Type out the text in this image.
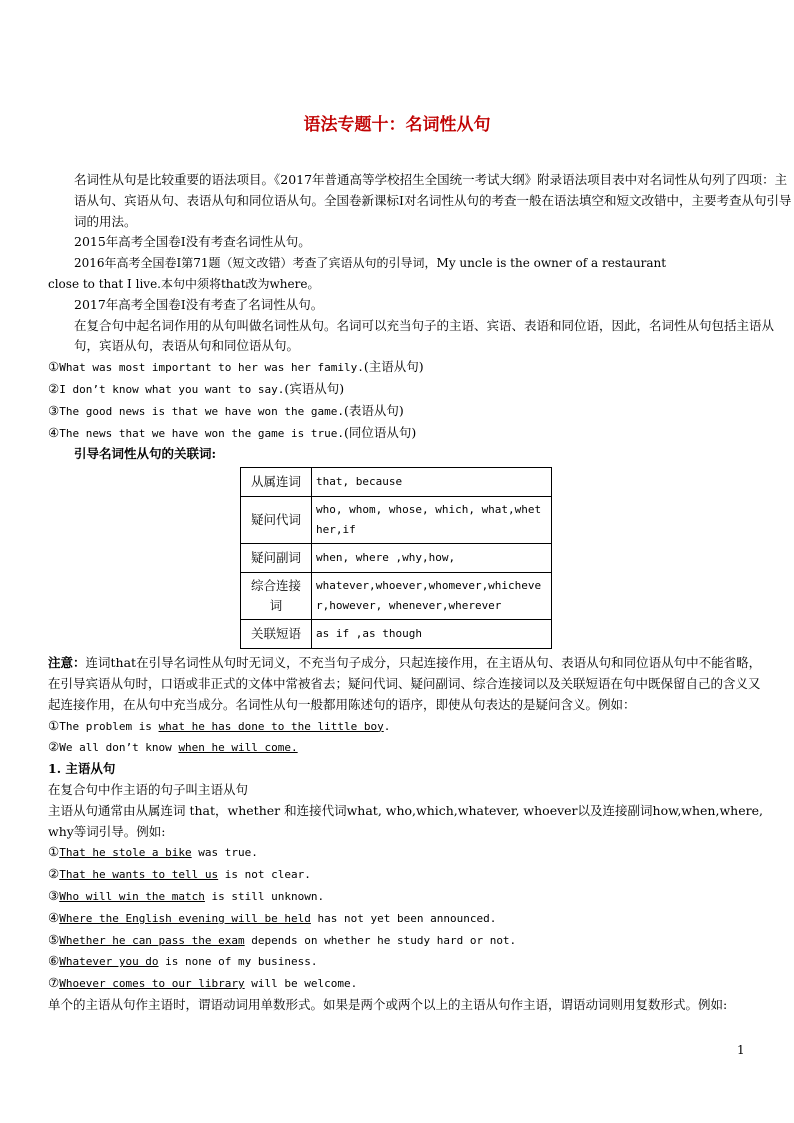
语法专题十：名词性从句

名词性从句是比较重要的语法项目。《2017年普通高等学校招生全国统一考试大纲》附录语法项目表中对名词性从句列了四项：主语从句、宾语从句、表语从句和同位语从句。全国卷新课标Ⅰ对名词性从句的考查一般在语法填空和短文改错中，主要考查从句引导词的用法。

2015年高考全国卷Ⅰ没有考查名词性从句。

2016年高考全国卷Ⅰ第71题（短文改错）考查了宾语从句的引导词，My uncle is the owner of a restaurant

close to that I live.本句中须将that改为where。

2017年高考全国卷Ⅰ没有考查了名词性从句。

在复合句中起名词作用的从句叫做名词性从句。名词可以充当句子的主语、宾语、表语和同位语，因此，名词性从句包括主语从句，宾语从句，表语从句和同位语从句。

①What was most important to her was her family.(主语从句)

②I don’t know what you want to say.(宾语从句)

③The good news is that we have won the game.(表语从句)

④The news that we have won the game is true.(同位语从句)

引导名词性从句的关联词:

从属连词	that, because
疑问代词	who, whom, whose, which, what,whether,if
疑问副词	when, where ,why,how,
综合连接词	whatever,whoever,whomever,whichever,however, whenever,wherever
关联短语	as if ,as though

注意：连词that在引导名词性从句时无词义，不充当句子成分，只起连接作用，在主语从句、表语从句和同位语从句中不能省略，在引导宾语从句时，口语或非正式的文体中常被省去；疑问代词、疑问副词、综合连接词以及关联短语在句中既保留自己的含义又起连接作用，在从句中充当成分。名词性从句一般都用陈述句的语序，即使从句表达的是疑问含义。例如：

①The problem is what he has done to the little boy.

②We all don’t know when he will come.

1. 主语从句

在复合句中作主语的句子叫主语从句

主语从句通常由从属连词 that，whether 和连接代词what, who,which,whatever, whoever以及连接副词how,when,where, why等词引导。例如:

①That he stole a bike was true.

②That he wants to tell us is not clear.

③Who will win the match is still unknown.

④Where the English evening will be held has not yet been announced.

⑤Whether he can pass the exam depends on whether he study hard or not.

⑥Whatever you do is none of my business.

⑦Whoever comes to our library will be welcome.

单个的主语从句作主语时，谓语动词用单数形式。如果是两个或两个以上的主语从句作主语，谓语动词则用复数形式。例如:

1
